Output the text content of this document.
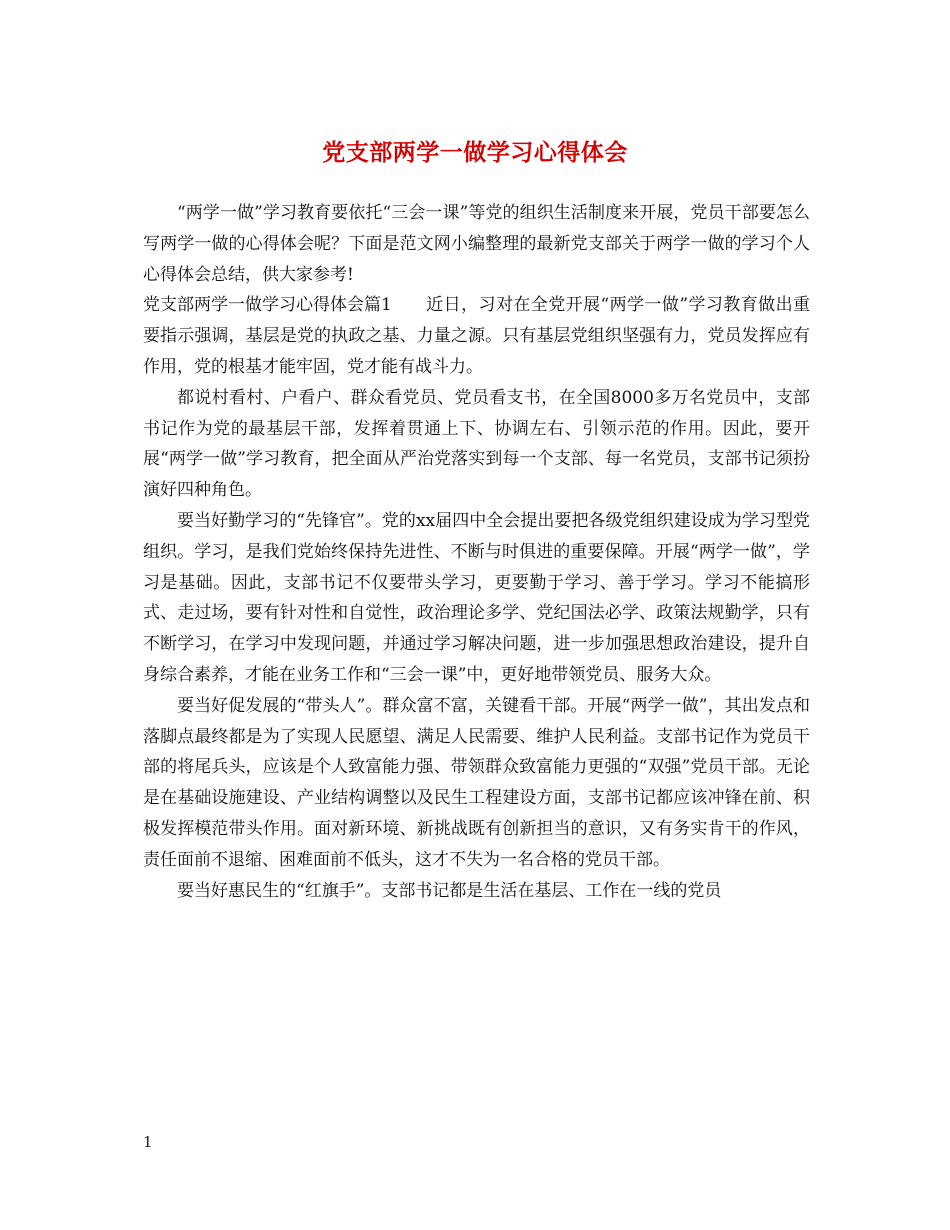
党支部两学一做学习心得体会

“两学一做”学习教育要依托“三会一课”等党的组织生活制度来开展，党员干部要怎么写两学一做的心得体会呢？下面是范文网小编整理的最新党支部关于两学一做的学习个人心得体会总结，供大家参考!

党支部两学一做学习心得体会篇1 近日，习对在全党开展“两学一做”学习教育做出重要指示强调，基层是党的执政之基、力量之源。只有基层党组织坚强有力，党员发挥应有作用，党的根基才能牢固，党才能有战斗力。

都说村看村、户看户、群众看党员、党员看支书，在全国8000多万名党员中，支部书记作为党的最基层干部，发挥着贯通上下、协调左右、引领示范的作用。因此，要开展“两学一做”学习教育，把全面从严治党落实到每一个支部、每一名党员，支部书记须扮演好四种角色。

要当好勤学习的“先锋官”。党的xx届四中全会提出要把各级党组织建设成为学习型党组织。学习，是我们党始终保持先进性、不断与时俱进的重要保障。开展“两学一做”，学习是基础。因此，支部书记不仅要带头学习，更要勤于学习、善于学习。学习不能搞形式、走过场，要有针对性和自觉性，政治理论多学、党纪国法必学、政策法规勤学，只有不断学习，在学习中发现问题，并通过学习解决问题，进一步加强思想政治建设，提升自身综合素养，才能在业务工作和“三会一课”中，更好地带领党员、服务大众。

要当好促发展的“带头人”。群众富不富，关键看干部。开展“两学一做”，其出发点和落脚点最终都是为了实现人民愿望、满足人民需要、维护人民利益。支部书记作为党员干部的将尾兵头，应该是个人致富能力强、带领群众致富能力更强的“双强”党员干部。无论是在基础设施建设、产业结构调整以及民生工程建设方面，支部书记都应该冲锋在前、积极发挥模范带头作用。面对新环境、新挑战既有创新担当的意识，又有务实肯干的作风，责任面前不退缩、困难面前不低头，这才不失为一名合格的党员干部。

要当好惠民生的“红旗手”。支部书记都是生活在基层、工作在一线的党员

1
